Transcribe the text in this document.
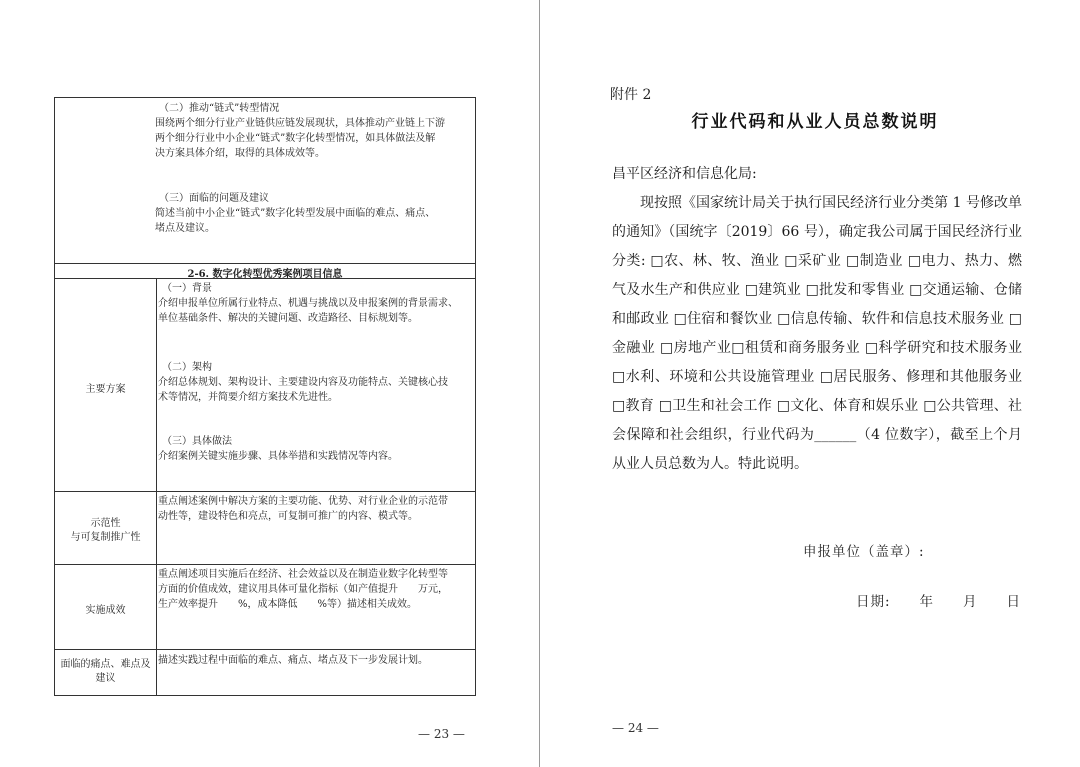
（二）推动“链式”转型情况
围绕两个细分行业产业链供应链发展现状，具体推动产业链上下游
两个细分行业中小企业“链式”数字化转型情况，如具体做法及解
决方案具体介绍，取得的具体成效等。
（三）面临的问题及建议
简述当前中小企业“链式”数字化转型发展中面临的难点、痛点、
堵点及建议。
2-6. 数字化转型优秀案例项目信息
主要方案
（一）背景
介绍申报单位所属行业特点、机遇与挑战以及申报案例的背景需求、
单位基础条件、解决的关键问题、改造路径、目标规划等。
（二）架构
介绍总体规划、架构设计、主要建设内容及功能特点、关键核心技
术等情况，并简要介绍方案技术先进性。
（三）具体做法
介绍案例关键实施步骤、具体举措和实践情况等内容。
示范性
与可复制推广性
重点阐述案例中解决方案的主要功能、优势、对行业企业的示范带
动性等，建设特色和亮点，可复制可推广的内容、模式等。
实施成效
重点阐述项目实施后在经济、社会效益以及在制造业数字化转型等
方面的价值成效，建议用具体可量化指标（如产值提升　　万元，
生产效率提升　　%，成本降低　　%等）描述相关成效。
面临的痛点、难点及
建议
描述实践过程中面临的难点、痛点、堵点及下一步发展计划。
— 23 —
附件 2
行业代码和从业人员总数说明
昌平区经济和信息化局:

现按照《国家统计局关于执行国民经济行业分类第 1 号修改单的通知》（国统字〔2019〕66 号），确定我公司属于国民经济行业分类: □农、林、牧、渔业 □采矿业 □制造业 □电力、热力、燃气及水生产和供应业 □建筑业 □批发和零售业 □交通运输、仓储和邮政业 □住宿和餐饮业 □信息传输、软件和信息技术服务业 □金融业 □房地产业□租赁和商务服务业 □科学研究和技术服务业 □水利、环境和公共设施管理业 □居民服务、修理和其他服务业 □教育 □卫生和社会工作 □文化、体育和娱乐业 □公共管理、社会保障和社会组织，行业代码为______（4 位数字），截至上个月从业人员总数为人。特此说明。

申报单位（盖章）:
日期:　　年　　月　　日
— 24 —
